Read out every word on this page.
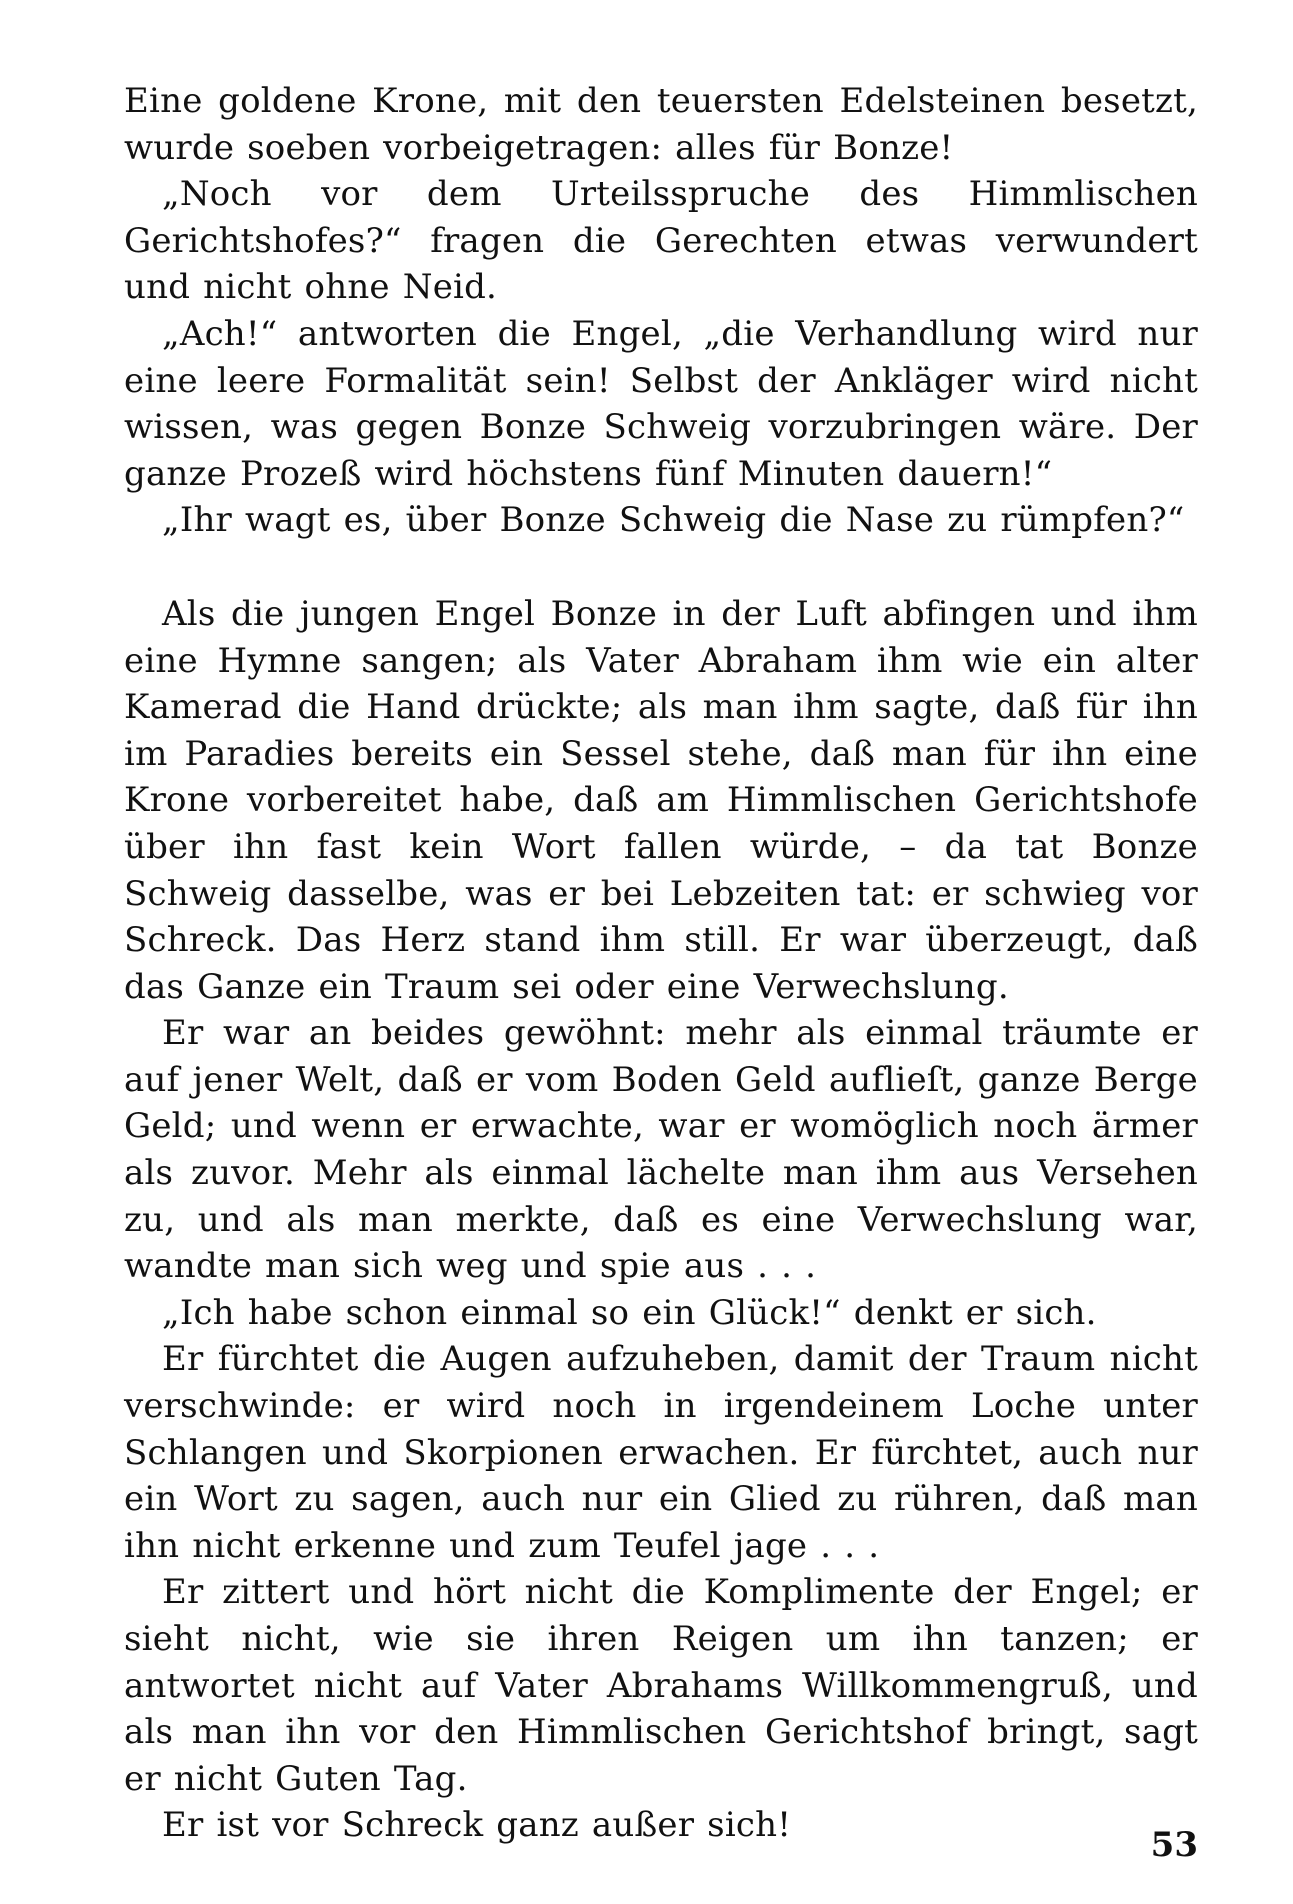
Eine goldene Krone, mit den teuersten Edelsteinen besetzt, wurde soeben vorbeigetragen: alles für Bonze!

„Noch vor dem Urteilsspruche des Himmlischen Gerichtshofes?“ fragen die Gerechten etwas verwundert und nicht ohne Neid.

„Ach!“ antworten die Engel, „die Verhandlung wird nur eine leere Formalität sein! Selbst der Ankläger wird nicht wissen, was gegen Bonze Schweig vorzubringen wäre. Der ganze Prozeß wird höchstens fünf Minuten dauern!“

„Ihr wagt es, über Bonze Schweig die Nase zu rümpfen?“

Als die jungen Engel Bonze in der Luft abfingen und ihm eine Hymne sangen; als Vater Abraham ihm wie ein alter Kamerad die Hand drückte; als man ihm sagte, daß für ihn im Paradies bereits ein Sessel stehe, daß man für ihn eine Krone vorbereitet habe, daß am Himmlischen Gerichtshofe über ihn fast kein Wort fallen würde, – da tat Bonze Schweig dasselbe, was er bei Lebzeiten tat: er schwieg vor Schreck. Das Herz stand ihm still. Er war überzeugt, daß das Ganze ein Traum sei oder eine Verwechslung.

Er war an beides gewöhnt: mehr als einmal träumte er auf jener Welt, daß er vom Boden Geld auflieſt, ganze Berge Geld; und wenn er erwachte, war er womöglich noch ärmer als zuvor. Mehr als einmal lächelte man ihm aus Versehen zu, und als man merkte, daß es eine Verwechslung war, wandte man sich weg und spie aus . . .

„Ich habe schon einmal so ein Glück!“ denkt er sich.

Er fürchtet die Augen aufzuheben, damit der Traum nicht verschwinde: er wird noch in irgendeinem Loche unter Schlangen und Skorpionen erwachen. Er fürchtet, auch nur ein Wort zu sagen, auch nur ein Glied zu rühren, daß man ihn nicht erkenne und zum Teufel jage . . .

Er zittert und hört nicht die Komplimente der Engel; er sieht nicht, wie sie ihren Reigen um ihn tanzen; er antwortet nicht auf Vater Abrahams Willkommengruß, und als man ihn vor den Himmlischen Gerichtshof bringt, sagt er nicht Guten Tag.

Er ist vor Schreck ganz außer sich!	53
